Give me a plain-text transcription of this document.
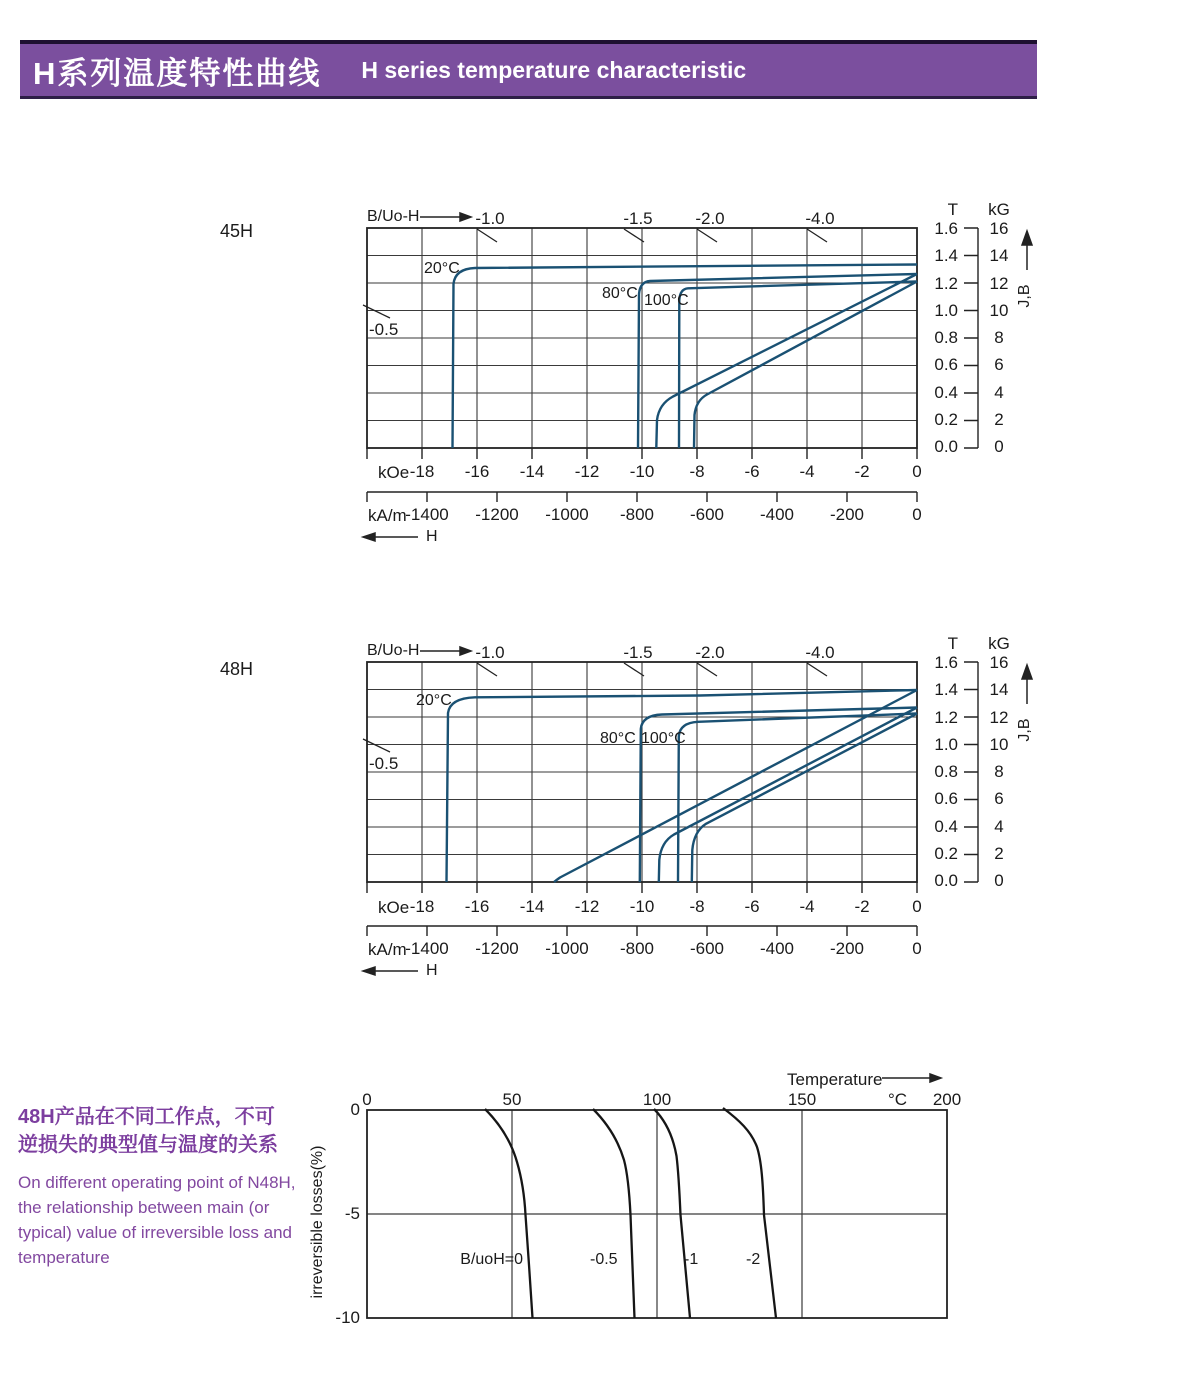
H系列温度特性曲线 H series temperature characteristic
45H
B/Uo-H	-1.0	-1.5	-2.0	-4.0
-0.5
20°C
80°C 100°C
T kG
1.6
1.4
1.2
1.0
0.8
0.6
0.4
0.2
0.0
16
14
12
10
8
6
4
2
0
J,B
kOe -18	-16	-14	-12	-10	-8	-6	-4	-2	0
kA/m
-1400	-1200	-1000	-800	-600	-400	-200	0
H
48H
B/Uo-H	-1.0	-1.5	-2.0	-4.0
-0.5
20°C
80°C 100°C
T kG
1.6
1.4
1.2
1.0
0.8
0.6
0.4
0.2
0.0
16
14
12
10
8
6
4
2
0
J,B
kOe -18	-16	-14	-12	-10	-8	-6	-4	-2	0
kA/m
-1400	-1200	-1000	-800	-600	-400	-200	0
H
Temperature
0	50	100	150	200
°C
0
-5
-10
irreversible losses(%)	B/uoH=0	-0.5	-1	-2
48H产品在不同工作点，不可
逆损失的典型值与温度的关系
On different operating point of N48H,
the relationship between main (or
typical) value of irreversible loss and
temperature
